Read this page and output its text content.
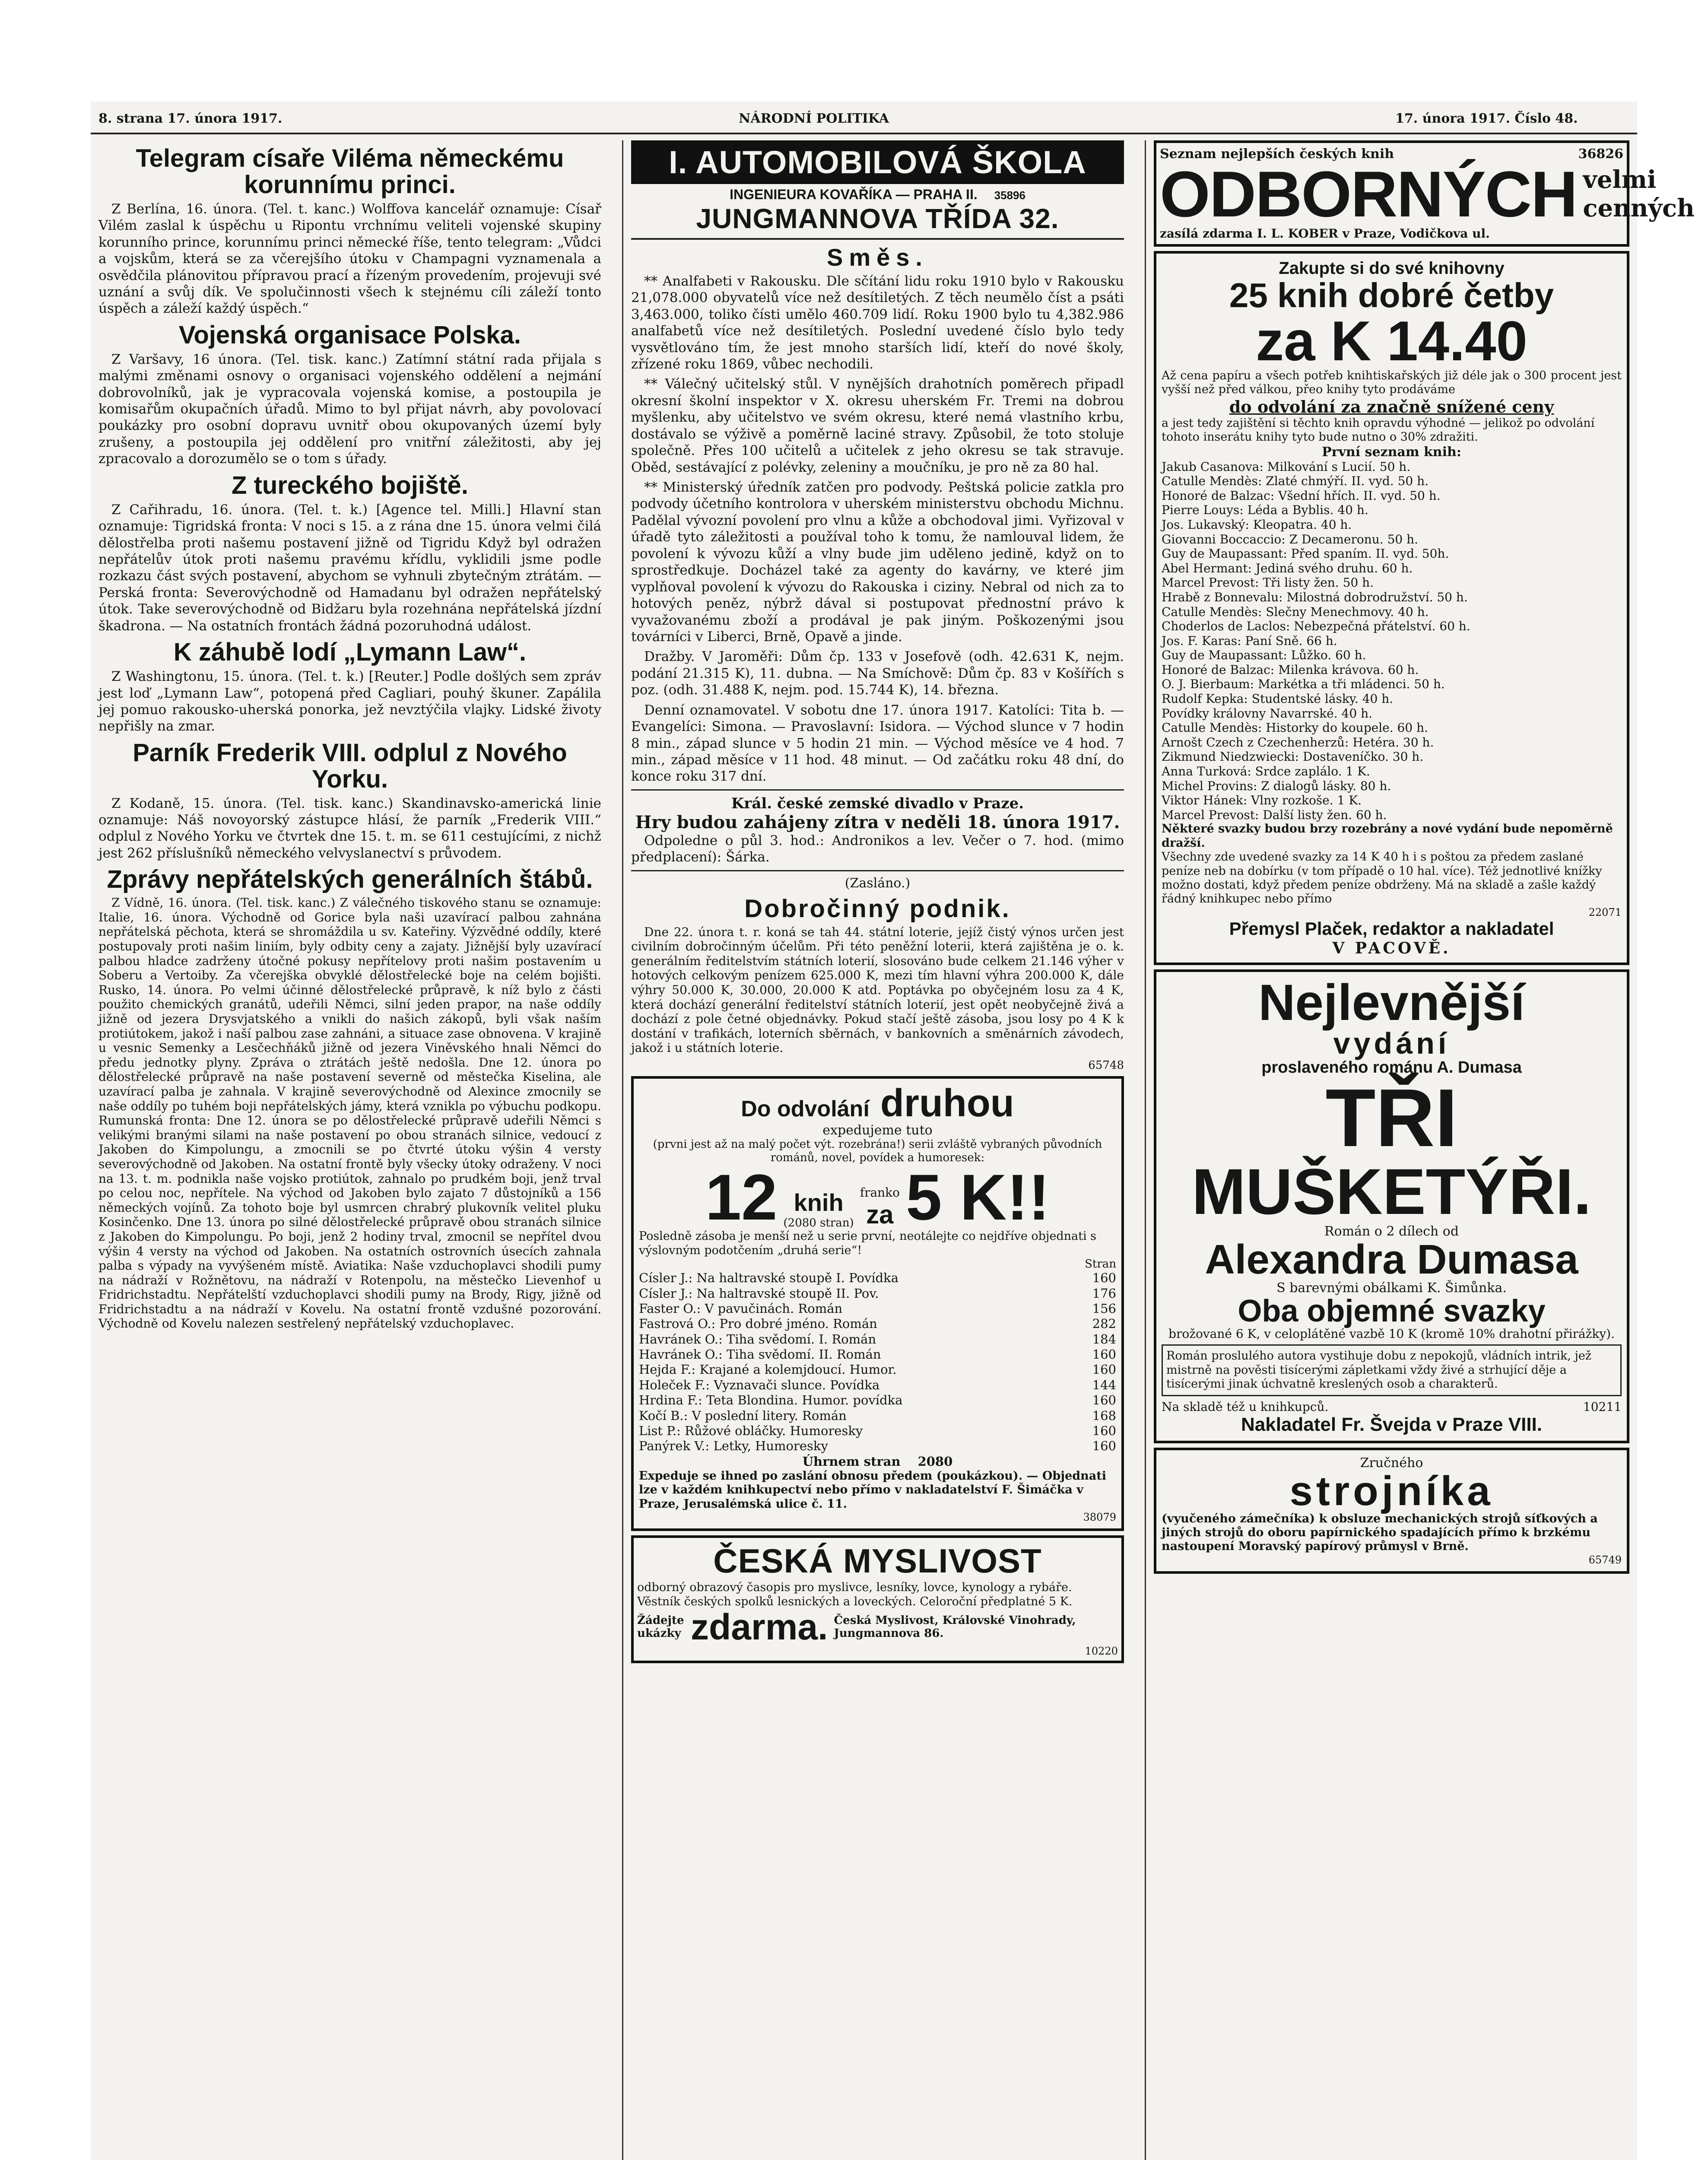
8. strana 17. února 1917.	NÁRODNÍ POLITIKA	17. února 1917. Číslo 48.
Telegram císaře Viléma německému korunnímu princi.

Z Berlína, 16. února. (Tel. t. kanc.) Wolffova kancelář oznamuje: Císař Vilém zaslal k úspěchu u Ripontu vrchnímu veliteli vojenské skupiny korunního prince, korunnímu princi německé říše, tento telegram: „Vůdci a vojskům, která se za včerejšího útoku v Champagni vyznamenala a osvědčila plánovitou přípravou prací a řízeným provedením, projevuji své uznání a svůj dík. Ve spolučinnosti všech k stejnému cíli záleží tonto úspěch a záleží každý úspěch.“

Vojenská organisace Polska.

Z Varšavy, 16 února. (Tel. tisk. kanc.) Zatímní státní rada přijala s malými změnami osnovy o organisaci vojenského oddělení a nejmání dobrovolníků, jak je vypracovala vojenská komise, a postoupila je komisařům okupačních úřadů. Mimo to byl přijat návrh, aby povolovací poukázky pro osobní dopravu uvnitř obou okupovaných území byly zrušeny, a postoupila jej oddělení pro vnitřní záležitosti, aby jej zpracovalo a dorozumělo se o tom s úřady.

Z tureckého bojiště.

Z Cařihradu, 16. února. (Tel. t. k.) [Agence tel. Milli.] Hlavní stan oznamuje: Tigridská fronta: V noci s 15. a z rána dne 15. února velmi čilá dělostřelba proti našemu postavení jižně od Tigridu Když byl odražen nepřátelův útok proti našemu pravému křídlu, vyklidili jsme podle rozkazu část svých postavení, abychom se vyhnuli zbytečným ztrátám. — Perská fronta: Severovýchodně od Hamadanu byl odražen nepřátelský útok. Take severovýchodně od Bidžaru byla rozehnána nepřátelská jízdní škadrona. — Na ostatních frontách žádná pozoruhodná událost.

K záhubě lodí „Lymann Law“.

Z Washingtonu, 15. února. (Tel. t. k.) [Reuter.] Podle došlých sem zpráv jest loď „Lymann Law“, potopená před Cagliari, pouhý škuner. Zapálila jej pomuo rakousko-uherská ponorka, jež nevztýčila vlajky. Lidské životy nepřišly na zmar.

Parník Frederik VIII. odplul z Nového Yorku.

Z Kodaně, 15. února. (Tel. tisk. kanc.) Skandinavsko-americká linie oznamuje: Náš novoyorský zástupce hlásí, že parník „Frederik VIII.“ odplul z Nového Yorku ve čtvrtek dne 15. t. m. se 611 cestujícími, z nichž jest 262 příslušníků německého velvyslanectví s průvodem.

Zprávy nepřátelských generálních štábů.

Z Vídně, 16. února. (Tel. tisk. kanc.) Z válečného tiskového stanu se oznamuje: Italie, 16. února. Východně od Gorice byla naši uzavírací palbou zahnána nepřátelská pěchota, která se shromáždila u sv. Kateřiny. Výzvědné oddíly, které postupovaly proti našim liniím, byly odbity ceny a zajaty. Jižnější byly uzavírací palbou hladce zadrženy útočné pokusy nepřítelovy proti našim postavením u Soberu a Vertoiby. Za včerejška obvyklé dělostřelecké boje na celém bojišti. Rusko, 14. února. Po velmi účinné dělostřelecké průpravě, k níž bylo z části použito chemických granátů, udeřili Němci, silní jeden prapor, na naše oddíly jižně od jezera Drysvjatského a vnikli do našich zákopů, byli však naším protiútokem, jakož i naší palbou zase zahnáni, a situace zase obnovena. V krajině u vesnic Semenky a Lesčechňáků jižně od jezera Viněvského hnali Němci do předu jednotky plyny. Zpráva o ztrátách ještě nedošla. Dne 12. února po dělostřelecké průpravě na naše postavení severně od městečka Kiselina, ale uzavírací palba je zahnala. V krajině severovýchodně od Alexince zmocnily se naše oddíly po tuhém boji nepřátelských jámy, která vznikla po výbuchu podkopu. Rumunská fronta: Dne 12. února se po dělostřelecké průpravě udeřili Němci s velikými branými silami na naše postavení po obou stranách silnice, vedoucí z Jakoben do Kimpolungu, a zmocnili se po čtvrté útoku výšin 4 versty severovýchodně od Jakoben. Na ostatní frontě byly všecky útoky odraženy. V noci na 13. t. m. podnikla naše vojsko protiútok, zahnalo po prudkém boji, jenž trval po celou noc, nepřítele. Na východ od Jakoben bylo zajato 7 důstojníků a 156 německých vojínů. Za tohoto boje byl usmrcen chrabrý plukovník velitel pluku Kosinčenko. Dne 13. února po silné dělostřelecké průpravě obou stranách silnice z Jakoben do Kimpolungu. Po boji, jenž 2 hodiny trval, zmocnil se nepřítel dvou výšin 4 versty na východ od Jakoben. Na ostatních ostrovních úsecích zahnala palba s výpady na vyvýšeném místě. Aviatika: Naše vzduchoplavci shodili pumy na nádraží v Rožnětovu, na nádraží v Rotenpolu, na městečko Lievenhof u Fridrichstadtu. Nepřátelští vzduchoplavci shodili pumy na Brody, Rigy, jižně od Fridrichstadtu a na nádraží v Kovelu. Na ostatní frontě vzdušné pozorování. Východně od Kovelu nalezen sestřelený nepřátelský vzduchoplavec.

I. AUTOMOBILOVÁ ŠKOLA
INGENIEURA KOVAŘÍKA — PRAHA II. 35896
JUNGMANNOVA TŘÍDA 32.
Směs.

** Analfabeti v Rakousku. Dle sčítání lidu roku 1910 bylo v Rakousku 21,078.000 obyvatelů více než desítiletých. Z těch neumělo číst a psáti 3,463.000, toliko čísti umělo 460.709 lidí. Roku 1900 bylo tu 4,382.986 analfabetů více než desítiletých. Poslední uvedené číslo bylo tedy vysvětlováno tím, že jest mnoho starších lidí, kteří do nové školy, zřízené roku 1869, vůbec nechodili.

** Válečný učitelský stůl. V nynějších drahotních poměrech připadl okresní školní inspektor v X. okresu uherském Fr. Tremi na dobrou myšlenku, aby učitelstvo ve svém okresu, které nemá vlastního krbu, dostávalo se výživě a poměrně laciné stravy. Způsobil, že toto stoluje společně. Přes 100 učitelů a učitelek z jeho okresu se tak stravuje. Oběd, sestávající z polévky, zeleniny a moučníku, je pro ně za 80 hal.

** Ministerský úředník zatčen pro podvody. Peštská policie zatkla pro podvody účetního kontrolora v uherském ministerstvu obchodu Michnu. Padělal vývozní povolení pro vlnu a kůže a obchodoval jimi. Vyřizoval v úřadě tyto záležitosti a používal toho k tomu, že namlouval lidem, že povolení k vývozu kůží a vlny bude jim uděleno jedině, když on to sprostředkuje. Docházel také za agenty do kavárny, ve které jim vyplňoval povolení k vývozu do Rakouska i ciziny. Nebral od nich za to hotových peněz, nýbrž dával si postupovat přednostní právo k vyvažovanému zboží a prodával je pak jiným. Poškozenými jsou továrníci v Liberci, Brně, Opavě a jinde.

Dražby. V Jaroměři: Dům čp. 133 v Josefově (odh. 42.631 K, nejm. podání 21.315 K), 11. dubna. — Na Smíchově: Dům čp. 83 v Košířích s poz. (odh. 31.488 K, nejm. pod. 15.744 K), 14. března.

Denní oznamovatel. V sobotu dne 17. února 1917. Katolíci: Tita b. — Evangelíci: Simona. — Pravoslavní: Isidora. — Východ slunce v 7 hodin 8 min., západ slunce v 5 hodin 21 min. — Východ měsíce ve 4 hod. 7 min., západ měsíce v 11 hod. 48 minut. — Od začátku roku 48 dní, do konce roku 317 dní.

Král. české zemské divadlo v Praze.
Hry budou zahájeny zítra v neděli 18. února 1917.

Odpoledne o půl 3. hod.: Andronikos a lev. Večer o 7. hod. (mimo předplacení): Šárka.

(Zasláno.)
Dobročinný podnik.

Dne 22. února t. r. koná se tah 44. státní loterie, jejíž čistý výnos určen jest civilním dobročinným účelům. Při této peněžní loterii, která zajištěna je o. k. generálním ředitelstvím státních loterií, slosováno bude celkem 21.146 výher v hotových celkovým penízem 625.000 K, mezi tím hlavní výhra 200.000 K, dále výhry 50.000 K, 30.000, 20.000 K atd. Poptávka po obyčejném losu za 4 K, která dochází generální ředitelství státních loterií, jest opět neobyčejně živá a dochází z pole četné objednávky. Pokud stačí ještě zásoba, jsou losy po 4 K k dostání v trafikách, loterních sběrnách, v bankovních a směnárních závodech, jakož i u státních loterie.

65748
Do odvolání druhou
expedujeme tuto
(prvni jest až na malý počet výt. rozebrána!) serii zvláště vybraných původních románů, novel, povídek a humoresek:
12 knih
(2080 stran)
franko
za 5 K!!
Posledně zásoba je menší než u serie první, neotálejte co nejdříve objednati s výslovným podotčením „druhá serie“!
Stran
Císler J.: Na haltravské stoupě I. Povídka	160
Císler J.: Na haltravské stoupě II. Pov.	176
Faster O.: V pavučinách. Román	156
Fastrová O.: Pro dobré jméno. Román	282
Havránek O.: Tiha svědomí. I. Román	184
Havránek O.: Tiha svědomí. II. Román	160
Hejda F.: Krajané a kolemjdoucí. Humor.	160
Holeček F.: Vyznavači slunce. Povídka	144
Hrdina F.: Teta Blondina. Humor. povídka	160
Kočí B.: V poslední litery. Román	168
List P.: Růžové obláčky. Humoresky	160
Panýrek V.: Letky, Humoresky	160
Úhrnem stran 2080
Expeduje se ihned po zaslání obnosu předem (poukázkou). — Objednati lze v každém knihkupectví nebo přímo v nakladatelství F. Šimáčka v Praze, Jerusalémská ulice č. 11.
38079
ČESKÁ MYSLIVOST
odborný obrazový časopis pro myslivce, lesníky, lovce, kynology a rybáře. Věstník českých spolků lesnických a loveckých. Celoroční předplatné 5 K.
Žádejte ukázky zdarma. Česká Myslivost, Královské Vinohrady, Jungmannova 86.
10220
Seznam nejlepších českých knih	36826
ODBORNÝCH velmi
cenných
zasílá zdarma I. L. KOBER v Praze, Vodičkova ul.
Zakupte si do své knihovny
25 knih dobré četby
za K 14.40
Až cena papíru a všech potřeb knihtiskařských již déle jak o 300 procent jest vyšší než před válkou, přeo knihy tyto prodáváme
do odvolání za značně snížené ceny
a jest tedy zajištění si těchto knih opravdu výhodné — jelikož po odvolání tohoto inserátu knihy tyto bude nutno o 30% zdražiti.
První seznam knih:
Jakub Casanova: Milkování s Lucií. 50 h.
Catulle Mendès: Zlaté chmýří. II. vyd. 50 h.
Honoré de Balzac: Všední hřích. II. vyd. 50 h.
Pierre Louys: Léda a Byblis. 40 h.
Jos. Lukavský: Kleopatra. 40 h.
Giovanni Boccaccio: Z Decameronu. 50 h.
Guy de Maupassant: Před spaním. II. vyd. 50h.
Abel Hermant: Jediná svého druhu. 60 h.
Marcel Prevost: Tři listy žen. 50 h.
Hrabě z Bonnevalu: Milostná dobrodružství. 50 h.
Catulle Mendès: Slečny Menechmovy. 40 h.
Choderlos de Laclos: Nebezpečná přátelství. 60 h.
Jos. F. Karas: Paní Sně. 66 h.
Guy de Maupassant: Lůžko. 60 h.
Honoré de Balzac: Milenka krávova. 60 h.
O. J. Bierbaum: Markétka a tři mládenci. 50 h.
Rudolf Kepka: Studentské lásky. 40 h.
Povídky královny Navarrské. 40 h.
Catulle Mendès: Historky do koupele. 60 h.
Arnošt Czech z Czechenherzů: Hetéra. 30 h.
Zikmund Niedzwiecki: Dostaveníčko. 30 h.
Anna Turková: Srdce zaplálo. 1 K.
Michel Provins: Z dialogů lásky. 80 h.
Viktor Hánek: Vlny rozkoše. 1 K.
Marcel Prevost: Další listy žen. 60 h.
Některé svazky budou brzy rozebrány a nové vydání bude nepoměrně dražší.
Všechny zde uvedené svazky za 14 K 40 h i s poštou za předem zaslané peníze neb na dobírku (v tom případě o 10 hal. více). Též jednotlivé knížky možno dostati, když předem peníze obdrženy. Má na skladě a zašle každý řádný knihkupec nebo přímo
22071
Přemysl Plaček, redaktor a nakladatel
V PACOVĚ.
Nejlevnější
vydání
proslaveného románu A. Dumasa
TŘI
MUŠKETÝŘI.
Román o 2 dílech od
Alexandra Dumasa
S barevnými obálkami K. Šimůnka.
Oba objemné svazky
brožované 6 K, v celoplátěné vazbě 10 K (kromě 10% drahotní přirážky).
Román proslulého autora vystihuje dobu z nepokojů, vládních intrik, jež mistrně na pověsti tisícerými zápletkami vždy živé a strhující děje a tisícerými jinak úchvatně kreslených osob a charakterů.
Na skladě též u knihkupců.	10211
Nakladatel Fr. Švejda v Praze VIII.
Zručného
strojníka
(vyučeného zámečníka) k obsluze mechanických strojů síťkových a jiných strojů do oboru papírnického spadajících přímo k brzkému nastoupení Moravský papírový průmysl v Brně.
65749
